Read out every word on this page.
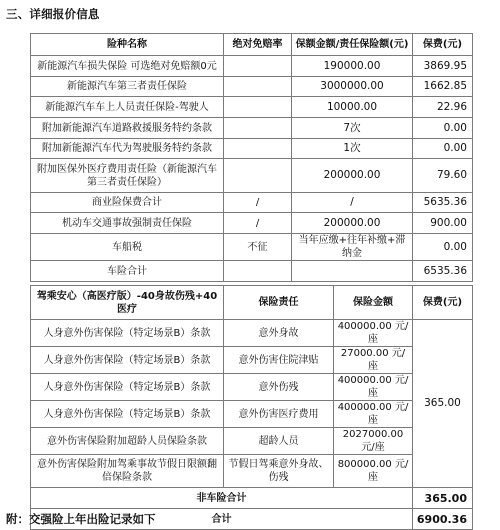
三、详细报价信息
险种名称	绝对免赔率	保额金额/责任保险额(元)	保费(元)
新能源汽车损失保险 可选绝对免赔额0元		190000.00	3869.95
新能源汽车第三者责任保险		3000000.00	1662.85
新能源汽车车上人员责任保险-驾驶人		10000.00	22.96
附加新能源汽车道路救援服务特约条款		7次	0.00
附加新能源汽车代为驾驶服务特约条款		1次	0.00
附加医保外医疗费用责任险（新能源汽车第三者责任保险）		200000.00	79.60
商业险保费合计	/	/	5635.36
机动车交通事故强制责任保险	/	200000.00	900.00
车船税	不征	当年应缴+往年补缴+滞纳金	0.00
车险合计			6535.36
驾乘安心（高医疗版）-40身故伤残+40医疗	保险责任	保险金额	保费(元)
人身意外伤害保险（特定场景B）条款	意外身故	400000.00 元/座	365.00
人身意外伤害保险（特定场景B）条款	意外伤害住院津贴	27000.00 元/座	
人身意外伤害保险（特定场景B）条款	意外伤残	400000.00 元/座	
人身意外伤害保险（特定场景B）条款	意外伤害医疗费用	400000.00 元/座	
意外伤害保险附加超龄人员保险条款	超龄人员	2027000.00 元/座	
意外伤害保险附加驾乘事故节假日限额翻倍保险条款	节假日驾乘意外身故、伤残	800000.00 元/座	
非车险合计			365.00
合计			6900.36
附：交强险上年出险记录如下
